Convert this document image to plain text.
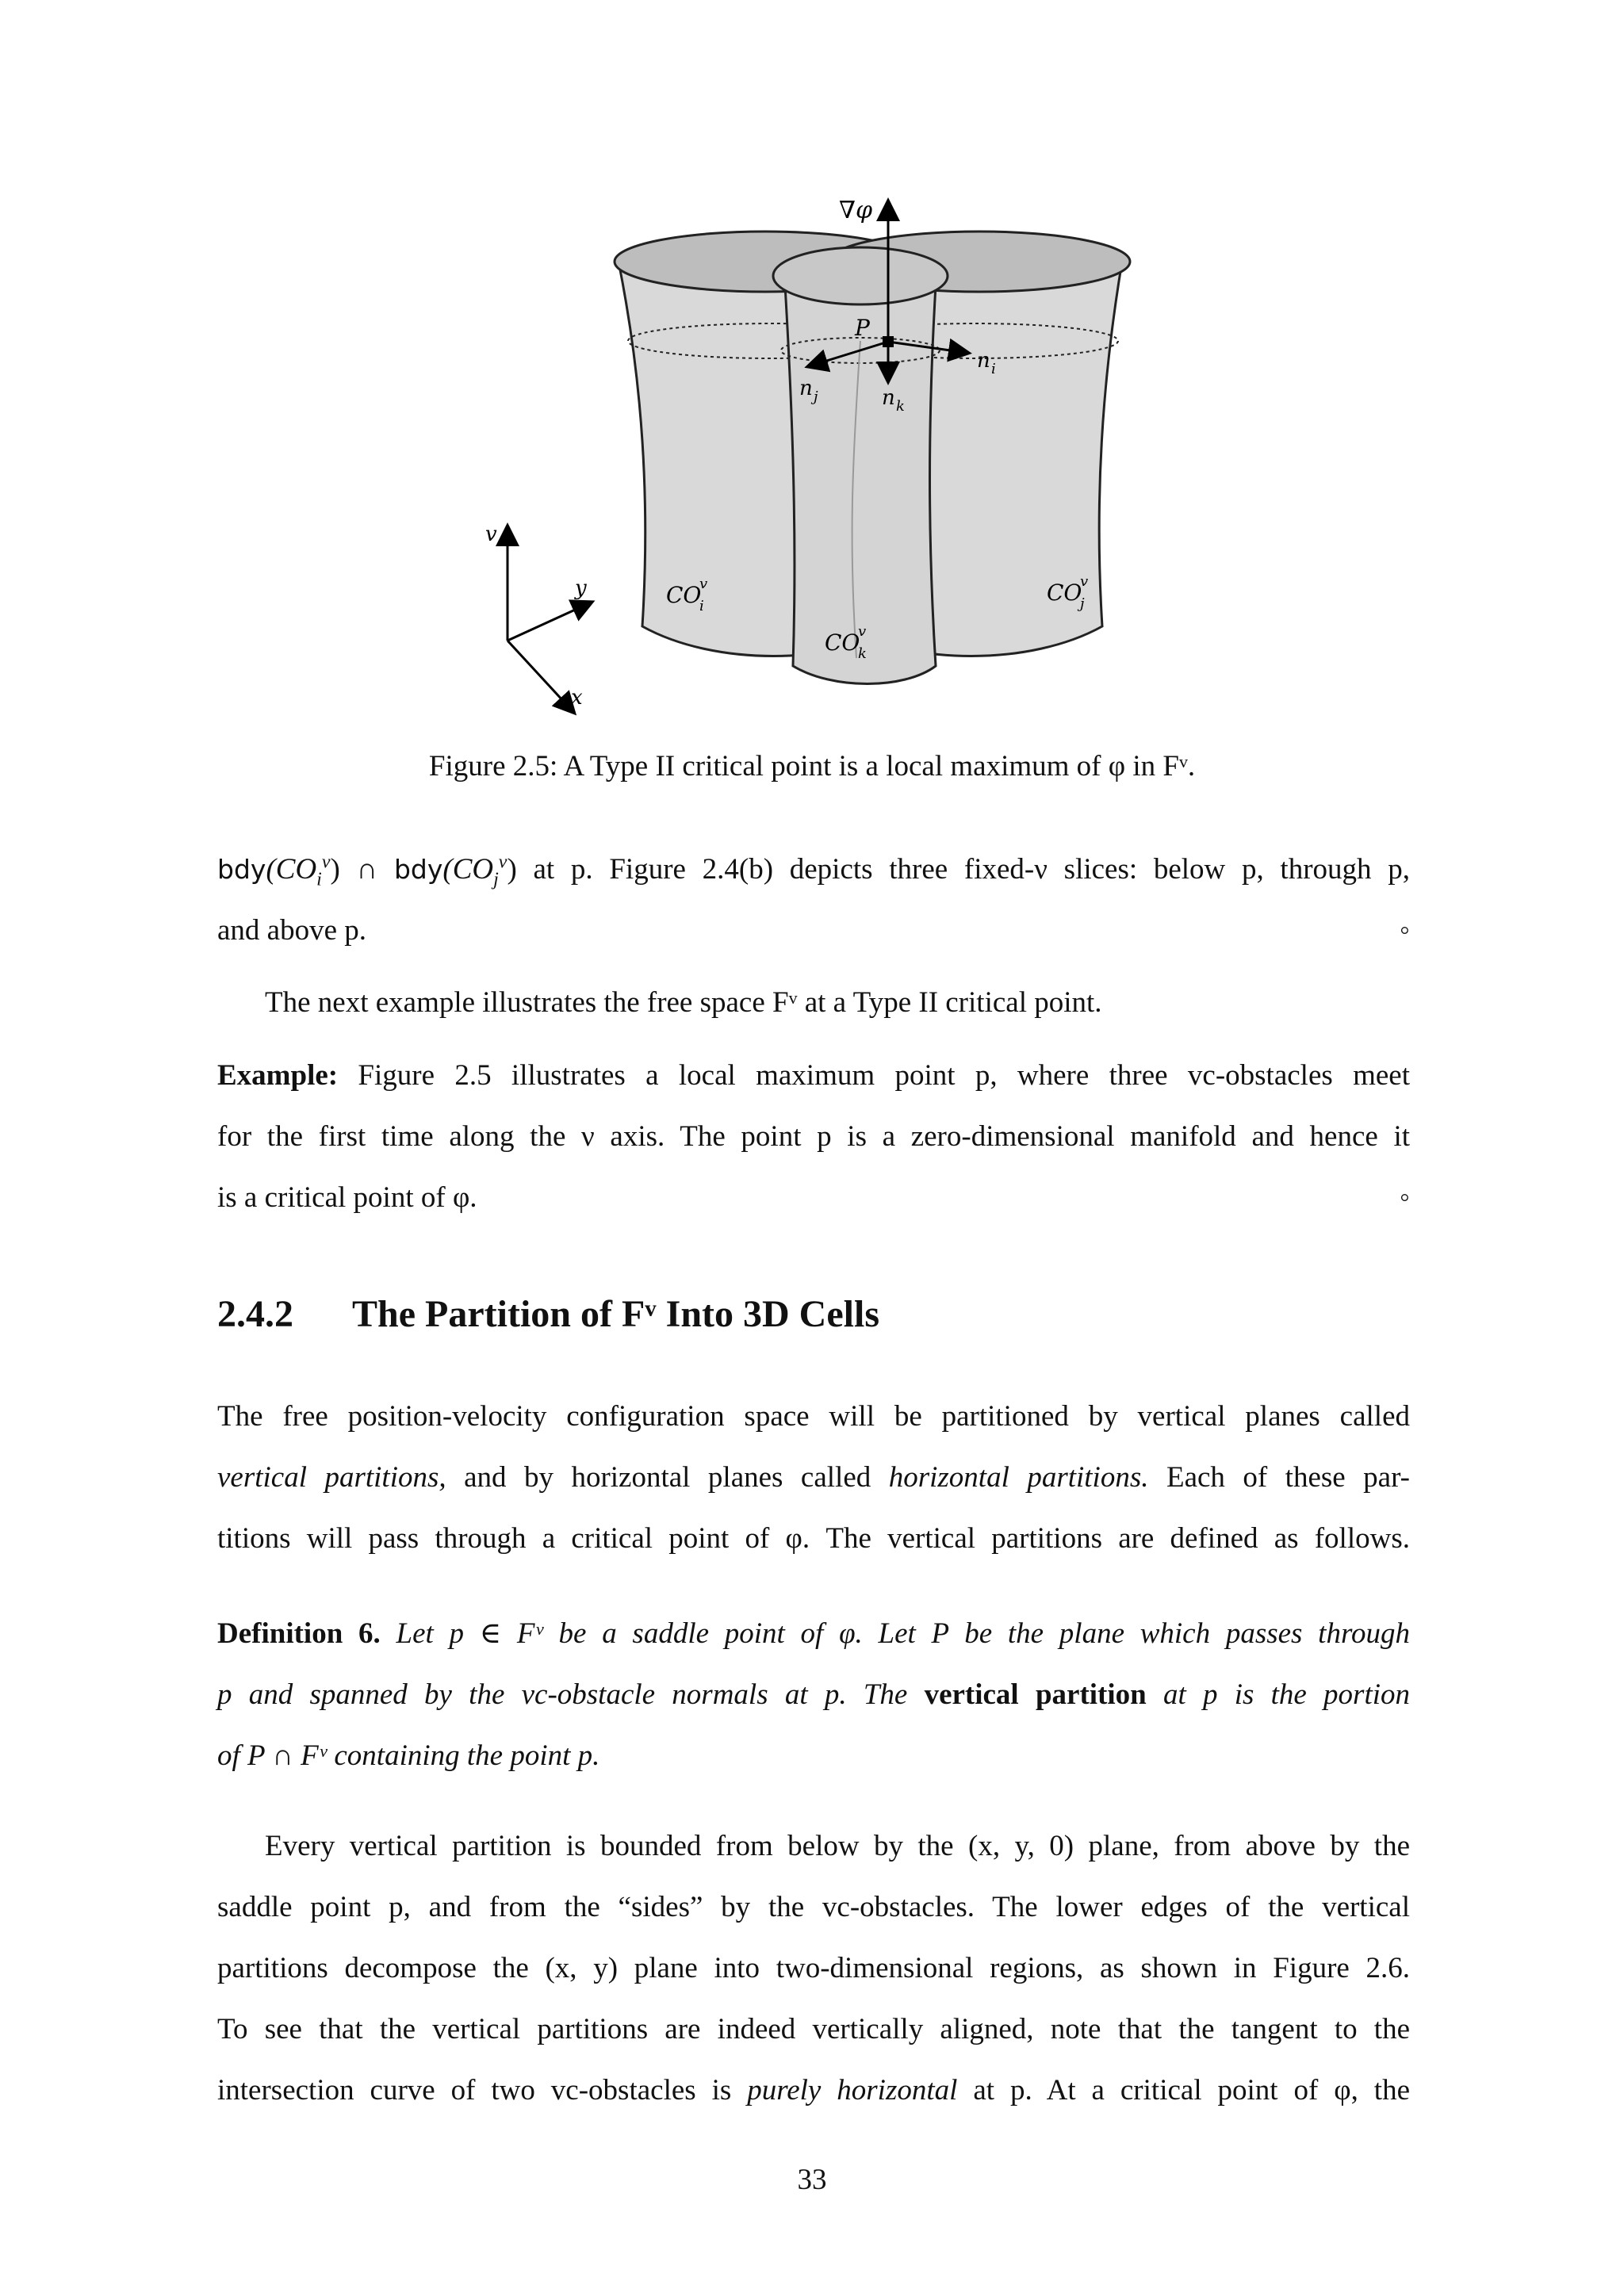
∇φ
P
n j	n k
n i
v
y
x
CO
i
v	CO
j
v
CO
k
v
Figure 2.5: A Type II critical point is a local maximum of φ in Fᵛ.
$bdy(CO_i^v)$ ∩ $bdy(CO_j^v)$ at p. Figure 2.4(b) depicts three fixed-ν slices: below p, through p,
and above p.	◦
The next example illustrates the free space Fᵛ at a Type II critical point.
Example: Figure 2.5 illustrates a local maximum point p, where three vc-obstacles meet
for the first time along the ν axis. The point p is a zero-dimensional manifold and hence it
is a critical point of φ.	◦
2.4.2 The Partition of Fᵛ Into 3D Cells
The free position-velocity configuration space will be partitioned by vertical planes called
vertical partitions, and by horizontal planes called horizontal partitions. Each of these par-
titions will pass through a critical point of φ. The vertical partitions are defined as follows.
Definition 6. Let p ∈ Fᵛ be a saddle point of φ. Let P be the plane which passes through
p and spanned by the vc-obstacle normals at p. The vertical partition at p is the portion
of P ∩ Fᵛ containing the point p.
Every vertical partition is bounded from below by the (x, y, 0) plane, from above by the
saddle point p, and from the “sides” by the vc-obstacles. The lower edges of the vertical
partitions decompose the (x, y) plane into two-dimensional regions, as shown in Figure 2.6.
To see that the vertical partitions are indeed vertically aligned, note that the tangent to the
intersection curve of two vc-obstacles is purely horizontal at p. At a critical point of φ, the
33
